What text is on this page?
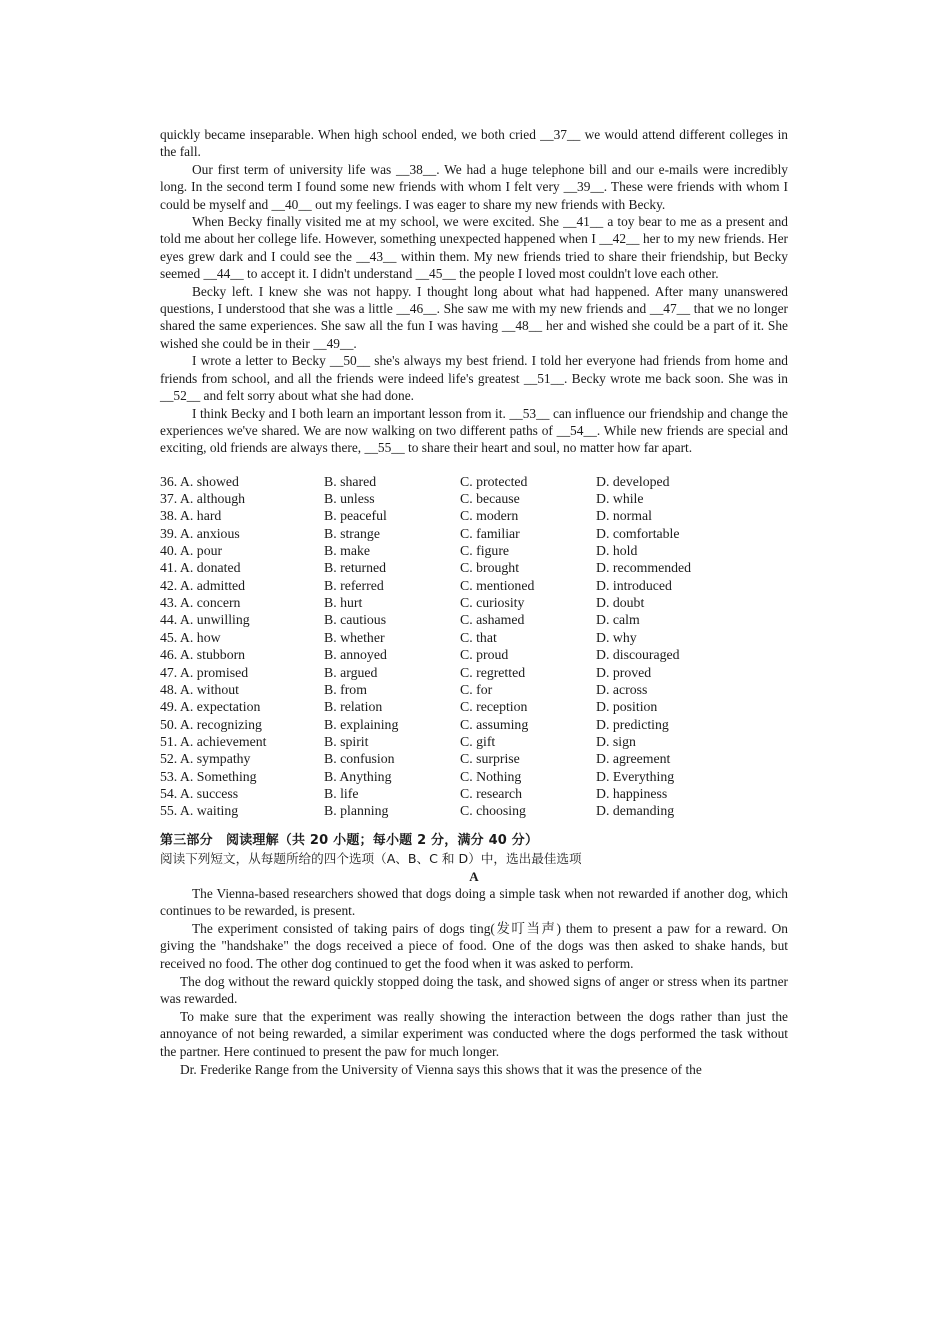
quickly became inseparable. When high school ended, we both cried __37__ we would attend different colleges in the fall.

Our first term of university life was __38__. We had a huge telephone bill and our e-mails were incredibly long. In the second term I found some new friends with whom I felt very __39__. These were friends with whom I could be myself and __40__ out my feelings. I was eager to share my new friends with Becky.

When Becky finally visited me at my school, we were excited. She __41__ a toy bear to me as a present and told me about her college life. However, something unexpected happened when I __42__ her to my new friends. Her eyes grew dark and I could see the __43__ within them. My new friends tried to share their friendship, but Becky seemed __44__ to accept it. I didn't understand __45__ the people I loved most couldn't love each other.

Becky left. I knew she was not happy. I thought long about what had happened. After many unanswered questions, I understood that she was a little __46__. She saw me with my new friends and __47__ that we no longer shared the same experiences. She saw all the fun I was having __48__ her and wished she could be a part of it. She wished she could be in their __49__.

I wrote a letter to Becky __50__ she's always my best friend. I told her everyone had friends from home and friends from school, and all the friends were indeed life's greatest __51__. Becky wrote me back soon. She was in __52__ and felt sorry about what she had done.

I think Becky and I both learn an important lesson from it. __53__ can influence our friendship and change the experiences we've shared. We are now walking on two different paths of __54__. While new friends are special and exciting, old friends are always there, __55__ to share their heart and soul, no matter how far apart.

36. A. showed	B. shared	C. protected	D. developed
37. A. although	B. unless	C. because	D. while
38. A. hard	B. peaceful	C. modern	D. normal
39. A. anxious	B. strange	C. familiar	D. comfortable
40. A. pour	B. make	C. figure	D. hold
41. A. donated	B. returned	C. brought	D. recommended
42. A. admitted	B. referred	C. mentioned	D. introduced
43. A. concern	B. hurt	C. curiosity	D. doubt
44. A. unwilling	B. cautious	C. ashamed	D. calm
45. A. how	B. whether	C. that	D. why
46. A. stubborn	B. annoyed	C. proud	D. discouraged
47. A. promised	B. argued	C. regretted	D. proved
48. A. without	B. from	C. for	D. across
49. A. expectation	B. relation	C. reception	D. position
50. A. recognizing	B. explaining	C. assuming	D. predicting
51. A. achievement	B. spirit	C. gift	D. sign
52. A. sympathy	B. confusion	C. surprise	D. agreement
53. A. Something	B. Anything	C. Nothing	D. Everything
54. A. success	B. life	C. research	D. happiness
55. A. waiting	B. planning	C. choosing	D. demanding
第三部分　阅读理解（共 20 小题；每小题 2 分，满分 40 分）
阅读下列短文，从每题所给的四个选项（A、B、C 和 D）中，选出最佳选项
A

The Vienna-based researchers showed that dogs doing a simple task when not rewarded if another dog, which continues to be rewarded, is present.

The experiment consisted of taking pairs of dogs ting(发叮当声) them to present a paw for a reward. On giving the "handshake" the dogs received a piece of food. One of the dogs was then asked to shake hands, but received no food. The other dog continued to get the food when it was asked to perform.

The dog without the reward quickly stopped doing the task, and showed signs of anger or stress when its partner was rewarded.

To make sure that the experiment was really showing the interaction between the dogs rather than just the annoyance of not being rewarded, a similar experiment was conducted where the dogs performed the task without the partner. Here continued to present the paw for much longer.

Dr. Frederike Range from the University of Vienna says this shows that it was the presence of the
